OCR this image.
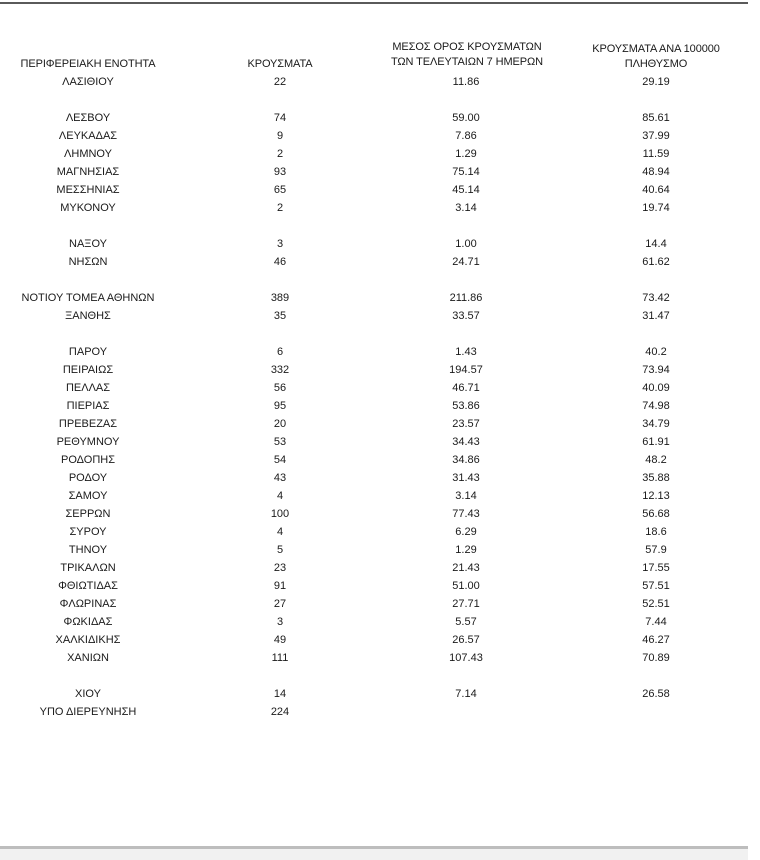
ΠΕΡΙΦΕΡΕΙΑΚΗ ΕΝΟΤΗΤΑ	ΚΡΟΥΣΜΑΤΑ
ΜΕΣΟΣ ΟΡΟΣ ΚΡΟΥΣΜΑΤΩΝ
ΤΩΝ ΤΕΛΕΥΤΑΙΩΝ 7 ΗΜΕΡΩΝ
ΚΡΟΥΣΜΑΤΑ ΑΝΑ 100000
ΠΛΗΘΥΣΜΟ
ΛΑΣΙΘΙΟΥ	22	11.86	29.19
ΛΕΣΒΟΥ	74	59.00	85.61
ΛΕΥΚΑΔΑΣ	9	7.86	37.99
ΛΗΜΝΟΥ	2	1.29	11.59
ΜΑΓΝΗΣΙΑΣ	93	75.14	48.94
ΜΕΣΣΗΝΙΑΣ	65	45.14	40.64
ΜΥΚΟΝΟΥ	2	3.14	19.74
ΝΑΞΟΥ	3	1.00	14.4
ΝΗΣΩΝ	46	24.71	61.62
ΝΟΤΙΟΥ ΤΟΜΕΑ ΑΘΗΝΩΝ	389	211.86	73.42
ΞΑΝΘΗΣ	35	33.57	31.47
ΠΑΡΟΥ	6	1.43	40.2
ΠΕΙΡΑΙΩΣ	332	194.57	73.94
ΠΕΛΛΑΣ	56	46.71	40.09
ΠΙΕΡΙΑΣ	95	53.86	74.98
ΠΡΕΒΕΖΑΣ	20	23.57	34.79
ΡΕΘΥΜΝΟΥ	53	34.43	61.91
ΡΟΔΟΠΗΣ	54	34.86	48.2
ΡΟΔΟΥ	43	31.43	35.88
ΣΑΜΟΥ	4	3.14	12.13
ΣΕΡΡΩΝ	100	77.43	56.68
ΣΥΡΟΥ	4	6.29	18.6
ΤΗΝΟΥ	5	1.29	57.9
ΤΡΙΚΑΛΩΝ	23	21.43	17.55
ΦΘΙΩΤΙΔΑΣ	91	51.00	57.51
ΦΛΩΡΙΝΑΣ	27	27.71	52.51
ΦΩΚΙΔΑΣ	3	5.57	7.44
ΧΑΛΚΙΔΙΚΗΣ	49	26.57	46.27
ΧΑΝΙΩΝ	111	107.43	70.89
ΧΙΟΥ	14	7.14	26.58
ΥΠΟ ΔΙΕΡΕΥΝΗΣΗ	224
